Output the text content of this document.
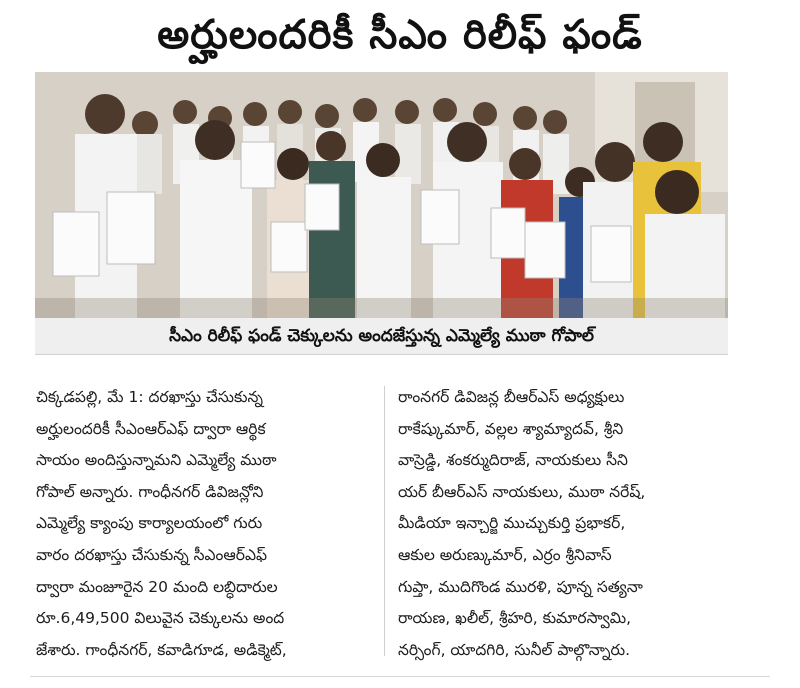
అర్హులందరికీ సీఎం రిలీఫ్ ఫండ్
సీఎం రిలీఫ్ ఫండ్ చెక్కులను అందజేస్తున్న ఎమ్మెల్యే ముఠా గోపాల్
చిక్కడపల్లి, మే 1: దరఖాస్తు చేసుకున్న
అర్హులందరికీ సీఎంఆర్ఎఫ్ ద్వారా ఆర్థిక
సాయం అందిస్తున్నామని ఎమ్మెల్యే ముఠా
గోపాల్ అన్నారు. గాంధీనగర్ డివిజన్లోని
ఎమ్మెల్యే క్యాంపు కార్యాలయంలో గురు
వారం దరఖాస్తు చేసుకున్న సీఎంఆర్ఎఫ్
ద్వారా మంజూరైన 20 మంది లబ్ధిదారుల
రూ.6,49,500 విలువైన చెక్కులను అంద
జేశారు. గాంధీనగర్, కవాడిగూడ, అడిక్మెట్,
రాంనగర్ డివిజన్ల బీఆర్ఎస్ అధ్యక్షులు
రాకేష్కుమార్, వల్లల శ్యామ్యాదవ్, శ్రీని
వాస్రెడ్డి, శంకర్ముదిరాజ్, నాయకులు సీని
యర్ బీఆర్ఎస్ నాయకులు, ముఠా నరేష్,
మీడియా ఇన్చార్జి ముచ్చుకుర్తి ప్రభాకర్,
ఆకుల అరుణ్కుమార్, ఎర్రం శ్రీనివాస్
గుప్తా, ముదిగొండ మురళి, పూన్న సత్యనా
రాయణ, ఖలీల్, శ్రీహరి, కుమారస్వామి,
నర్సింగ్, యాదగిరి, సునీల్ పాల్గొన్నారు.
